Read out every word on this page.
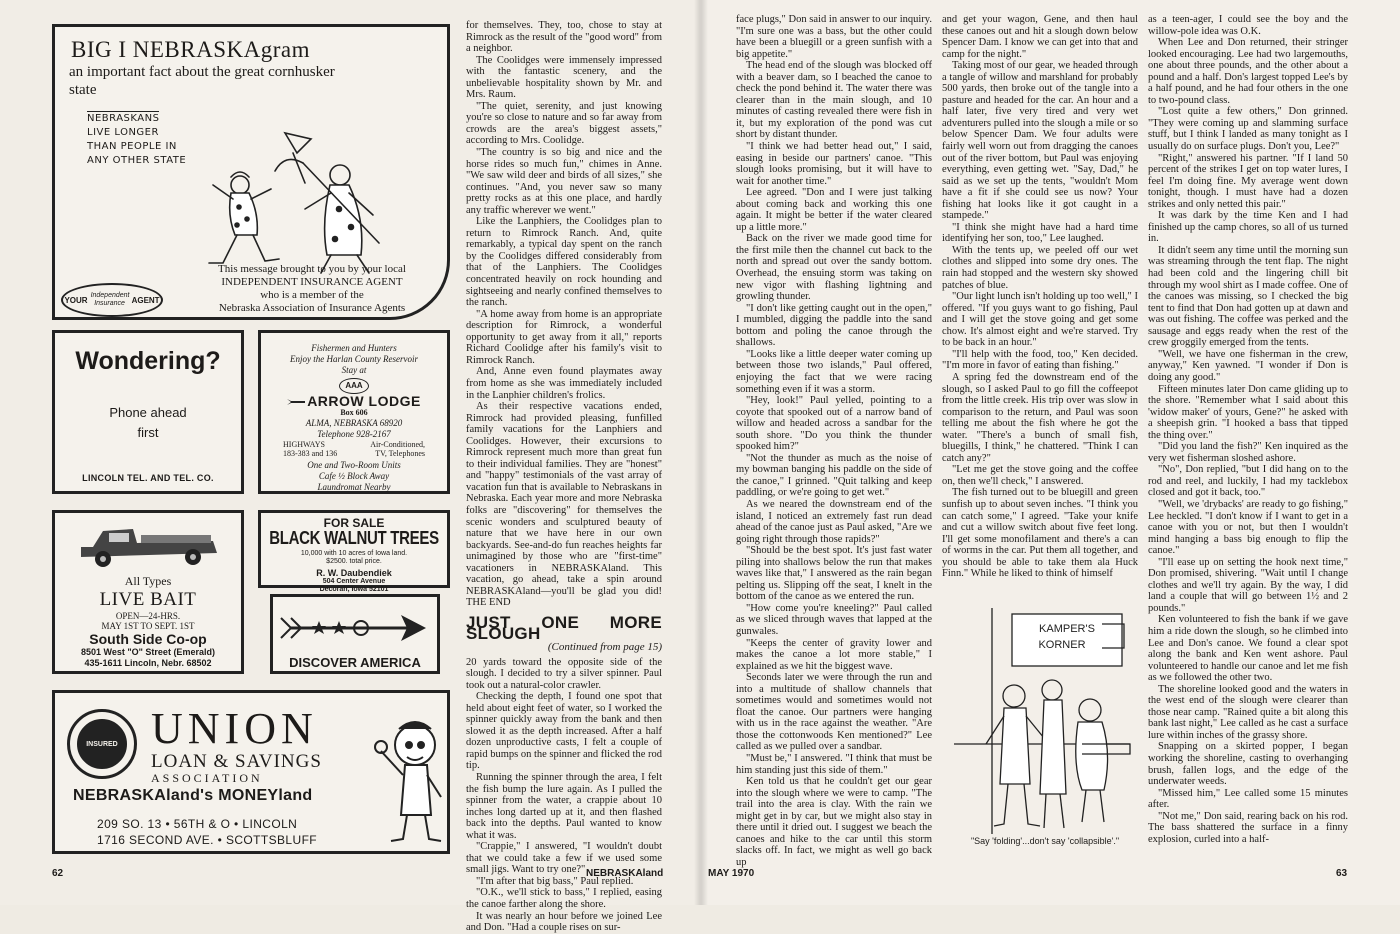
BIG I NEBRASKAgram
an important fact about the great cornhusker state
NEBRASKANS
LIVE LONGER
THAN PEOPLE IN
ANY OTHER STATE
YOUR Independent Insurance AGENT
This message brought to you by your local
INDEPENDENT INSURANCE AGENT
who is a member of the
Nebraska Association of Insurance Agents
Wondering?
Phone ahead
first
LINCOLN TEL. AND TEL. CO.
Fishermen and Hunters
Enjoy the Harlan County Reservoir
Stay at
AAA
ARROW LODGE
Box 606
ALMA, NEBRASKA 68920
Telephone 928-2167
HIGHWAYS	Air-Conditioned,
183-383 and 136	TV, Telephones
One and Two-Room Units
Cafe ½ Block Away
Laundromat Nearby
All Types
LIVE BAIT
OPEN—24-HRS.
MAY 1ST TO SEPT. 1ST
South Side Co-op
8501 West "O" Street (Emerald)
435-1611 Lincoln, Nebr. 68502
FOR SALE
BLACK WALNUT TREES
10,000 with 10 acres of Iowa land.
$2500. total price.
R. W. Daubendiek
504 Center Avenue
Decorah, Iowa 52101
DISCOVER AMERICA
INSURED UNION
LOAN & SAVINGS
ASSOCIATION
NEBRASKAland's MONEYland
209 SO. 13 • 56TH & O • LINCOLN
1716 SECOND AVE. • SCOTTSBLUFF

for themselves. They, too, chose to stay at Rimrock as the result of the "good word" from a neighbor.

The Coolidges were immensely impressed with the fantastic scenery, and the unbelievable hospitality shown by Mr. and Mrs. Raum.

"The quiet, serenity, and just knowing you're so close to nature and so far away from crowds are the area's biggest assets," according to Mrs. Coolidge.

"The country is so big and nice and the horse rides so much fun," chimes in Anne. "We saw wild deer and birds of all sizes," she continues. "And, you never saw so many pretty rocks as at this one place, and hardly any traffic wherever we went."

Like the Lanphiers, the Coolidges plan to return to Rimrock Ranch. And, quite remarkably, a typical day spent on the ranch by the Coolidges differed considerably from that of the Lanphiers. The Coolidges concentrated heavily on rock hounding and sightseeing and nearly confined themselves to the ranch.

"A home away from home is an appropriate description for Rimrock, a wonderful opportunity to get away from it all," reports Richard Coolidge after his family's visit to Rimrock Ranch.

And, Anne even found playmates away from home as she was immediately included in the Lanphier children's frolics.

As their respective vacations ended, Rimrock had provided pleasing, funfilled family vacations for the Lanphiers and Coolidges. However, their excursions to Rimrock represent much more than great fun to their individual families. They are "honest" and "happy" testimonials of the vast array of vacation fun that is available to Nebraskans in Nebraska. Each year more and more Nebraska folks are "discovering" for themselves the scenic wonders and sculptured beauty of nature that we have here in our own backyards. See-and-do fun reaches heights far unimagined by those who are "first-time" vacationers in NEBRASKAland. This vacation, go ahead, take a spin around NEBRASKAland—you'll be glad you did! THE END

JUST ONE MORE SLOUGH
(Continued from page 15)

20 yards toward the opposite side of the slough. I decided to try a silver spinner. Paul took out a natural-color crawler.

Checking the depth, I found one spot that held about eight feet of water, so I worked the spinner quickly away from the bank and then slowed it as the depth increased. After a half dozen unproductive casts, I felt a couple of rapid bumps on the spinner and flicked the rod tip.

Running the spinner through the area, I felt the fish bump the lure again. As I pulled the spinner from the water, a crappie about 10 inches long darted up at it, and then flashed back into the depths. Paul wanted to know what it was.

"Crappie," I answered, "I wouldn't doubt that we could take a few if we used some small jigs. Want to try one?"

"I'm after that big bass," Paul replied.

"O.K., we'll stick to bass," I replied, easing the canoe farther along the shore.

It was nearly an hour before we joined Lee and Don. "Had a couple rises on sur-

62	NEBRASKAland

face plugs," Don said in answer to our inquiry. "I'm sure one was a bass, but the other could have been a bluegill or a green sunfish with a big appetite."

The head end of the slough was blocked off with a beaver dam, so I beached the canoe to check the pond behind it. The water there was clearer than in the main slough, and 10 minutes of casting revealed there were fish in it, but my exploration of the pond was cut short by distant thunder.

"I think we had better head out," I said, easing in beside our partners' canoe. "This slough looks promising, but it will have to wait for another time."

Lee agreed. "Don and I were just talking about coming back and working this one again. It might be better if the water cleared up a little more."

Back on the river we made good time for the first mile then the channel cut back to the north and spread out over the sandy bottom. Overhead, the ensuing storm was taking on new vigor with flashing lightning and growling thunder.

"I don't like getting caught out in the open," I mumbled, digging the paddle into the sand bottom and poling the canoe through the shallows.

"Looks like a little deeper water coming up between those two islands," Paul offered, enjoying the fact that we were racing something even if it was a storm.

"Hey, look!" Paul yelled, pointing to a coyote that spooked out of a narrow band of willow and headed across a sandbar for the south shore. "Do you think the thunder spooked him?"

"Not the thunder as much as the noise of my bowman banging his paddle on the side of the canoe," I grinned. "Quit talking and keep paddling, or we're going to get wet."

As we neared the downstream end of the island, I noticed an extremely fast run dead ahead of the canoe just as Paul asked, "Are we going right through those rapids?"

"Should be the best spot. It's just fast water piling into shallows below the run that makes waves like that," I answered as the rain began pelting us. Slipping off the seat, I knelt in the bottom of the canoe as we entered the run.

"How come you're kneeling?" Paul called as we sliced through waves that lapped at the gunwales.

"Keeps the center of gravity lower and makes the canoe a lot more stable," I explained as we hit the biggest wave.

Seconds later we were through the run and into a multitude of shallow channels that sometimes would and sometimes would not float the canoe. Our partners were hanging with us in the race against the weather. "Are those the cottonwoods Ken mentioned?" Lee called as we pulled over a sandbar.

"Must be," I answered. "I think that must be him standing just this side of them."

Ken told us that he couldn't get our gear into the slough where we were to camp. "The trail into the area is clay. With the rain we might get in by car, but we might also stay in there until it dried out. I suggest we beach the canoes and hike to the car until this storm slacks off. In fact, we might as well go back up

and get your wagon, Gene, and then haul these canoes out and hit a slough down below Spencer Dam. I know we can get into that and camp for the night."

Taking most of our gear, we headed through a tangle of willow and marshland for probably 500 yards, then broke out of the tangle into a pasture and headed for the car. An hour and a half later, five very tired and very wet adventurers pulled into the slough a mile or so below Spencer Dam. We four adults were fairly well worn out from dragging the canoes out of the river bottom, but Paul was enjoying everything, even getting wet. "Say, Dad," he said as we set up the tents, "wouldn't Mom have a fit if she could see us now? Your fishing hat looks like it got caught in a stampede."

"I think she might have had a hard time identifying her son, too," Lee laughed.

With the tents up, we peeled off our wet clothes and slipped into some dry ones. The rain had stopped and the western sky showed patches of blue.

"Our light lunch isn't holding up too well," I offered. "If you guys want to go fishing, Paul and I will get the stove going and get some chow. It's almost eight and we're starved. Try to be back in an hour."

"I'll help with the food, too," Ken decided. "I'm more in favor of eating than fishing."

A spring fed the downstream end of the slough, so I asked Paul to go fill the coffeepot from the little creek. His trip over was slow in comparison to the return, and Paul was soon telling me about the fish where he got the water. "There's a bunch of small fish, bluegills, I think," he chattered. "Think I can catch any?"

"Let me get the stove going and the coffee on, then we'll check," I answered.

The fish turned out to be bluegill and green sunfish up to about seven inches. "I think you can catch some," I agreed. "Take your knife and cut a willow switch about five feet long. I'll get some monofilament and there's a can of worms in the car. Put them all together, and you should be able to take them ala Huck Finn." While he liked to think of himself

as a teen-ager, I could see the boy and the willow-pole idea was O.K.

When Lee and Don returned, their stringer looked encouraging. Lee had two largemouths, one about three pounds, and the other about a pound and a half. Don's largest topped Lee's by a half pound, and he had four others in the one to two-pound class.

"Lost quite a few others," Don grinned. "They were coming up and slamming surface stuff, but I think I landed as many tonight as I usually do on surface plugs. Don't you, Lee?"

"Right," answered his partner. "If I land 50 percent of the strikes I get on top water lures, I feel I'm doing fine. My average went down tonight, though. I must have had a dozen strikes and only netted this pair."

It was dark by the time Ken and I had finished up the camp chores, so all of us turned in.

It didn't seem any time until the morning sun was streaming through the tent flap. The night had been cold and the lingering chill bit through my wool shirt as I made coffee. One of the canoes was missing, so I checked the big tent to find that Don had gotten up at dawn and was out fishing. The coffee was perked and the sausage and eggs ready when the rest of the crew groggily emerged from the tents.

"Well, we have one fisherman in the crew, anyway," Ken yawned. "I wonder if Don is doing any good."

Fifteen minutes later Don came gliding up to the shore. "Remember what I said about this 'widow maker' of yours, Gene?" he asked with a sheepish grin. "I hooked a bass that tipped the thing over."

"Did you land the fish?" Ken inquired as the very wet fisherman sloshed ashore.

"No", Don replied, "but I did hang on to the rod and reel, and luckily, I had my tacklebox closed and got it back, too."

"Well, we 'drybacks' are ready to go fishing," Lee heckled. "I don't know if I want to get in a canoe with you or not, but then I wouldn't mind hanging a bass big enough to flip the canoe."

"I'll ease up on setting the hook next time," Don promised, shivering. "Wait until I change clothes and we'll try again. By the way, I did land a couple that will go between 1½ and 2 pounds."

Ken volunteered to fish the bank if we gave him a ride down the slough, so he climbed into Lee and Don's canoe. We found a clear spot along the bank and Ken went ashore. Paul volunteered to handle our canoe and let me fish as we followed the other two.

The shoreline looked good and the waters in the west end of the slough were clearer than those near camp. "Rained quite a bit along this bank last night," Lee called as he cast a surface lure within inches of the grassy shore.

Snapping on a skirted popper, I began working the shoreline, casting to overhanging brush, fallen logs, and the edge of the underwater weeds.

"Missed him," Lee called some 15 minutes after.

"Not me," Don said, rearing back on his rod. The bass shattered the surface in a finny explosion, curled into a half-

MAY 1970	63
KAMPER'S
KORNER
"Say 'folding'...don't say 'collapsible'."
